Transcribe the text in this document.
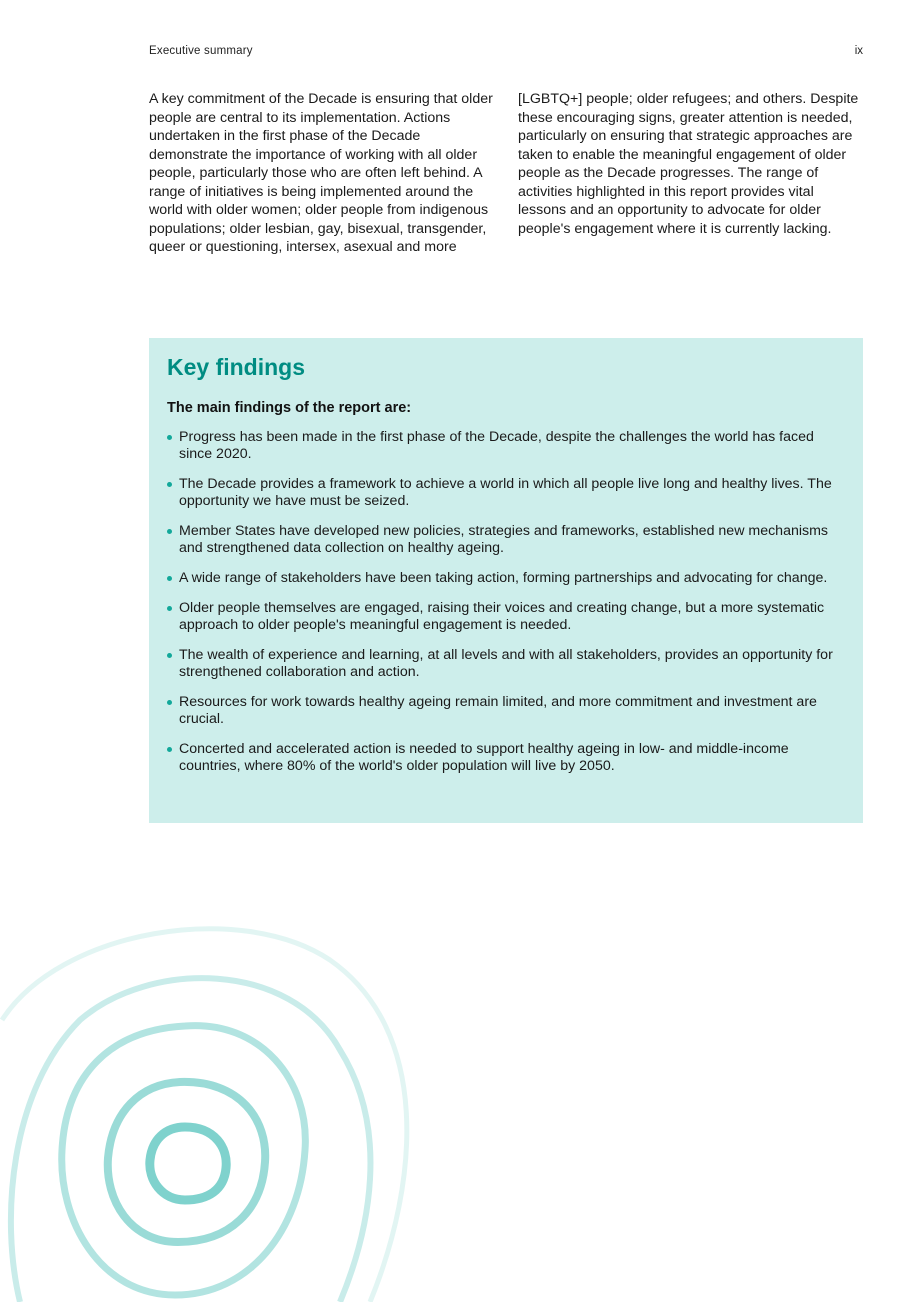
Executive summary	ix

A key commitment of the Decade is ensuring that older people are central to its implementation. Actions undertaken in the first phase of the Decade demonstrate the importance of working with all older people, particularly those who are often left behind. A range of initiatives is being implemented around the world with older women; older people from indigenous populations; older lesbian, gay, bisexual, transgender, queer or questioning, intersex, asexual and more

[LGBTQ+] people; older refugees; and others. Despite these encouraging signs, greater attention is needed, particularly on ensuring that strategic approaches are taken to enable the meaningful engagement of older people as the Decade progresses. The range of activities highlighted in this report provides vital lessons and an opportunity to advocate for older people's engagement where it is currently lacking.

Key findings

The main findings of the report are:

Progress has been made in the first phase of the Decade, despite the challenges the world has faced since 2020.
The Decade provides a framework to achieve a world in which all people live long and healthy lives. The opportunity we have must be seized.
Member States have developed new policies, strategies and frameworks, established new mechanisms and strengthened data collection on healthy ageing.
A wide range of stakeholders have been taking action, forming partnerships and advocating for change.
Older people themselves are engaged, raising their voices and creating change, but a more systematic approach to older people's meaningful engagement is needed.
The wealth of experience and learning, at all levels and with all stakeholders, provides an opportunity for strengthened collaboration and action.
Resources for work towards healthy ageing remain limited, and more commitment and investment are crucial.
Concerted and accelerated action is needed to support healthy ageing in low- and middle-income countries, where 80% of the world's older population will live by 2050.
